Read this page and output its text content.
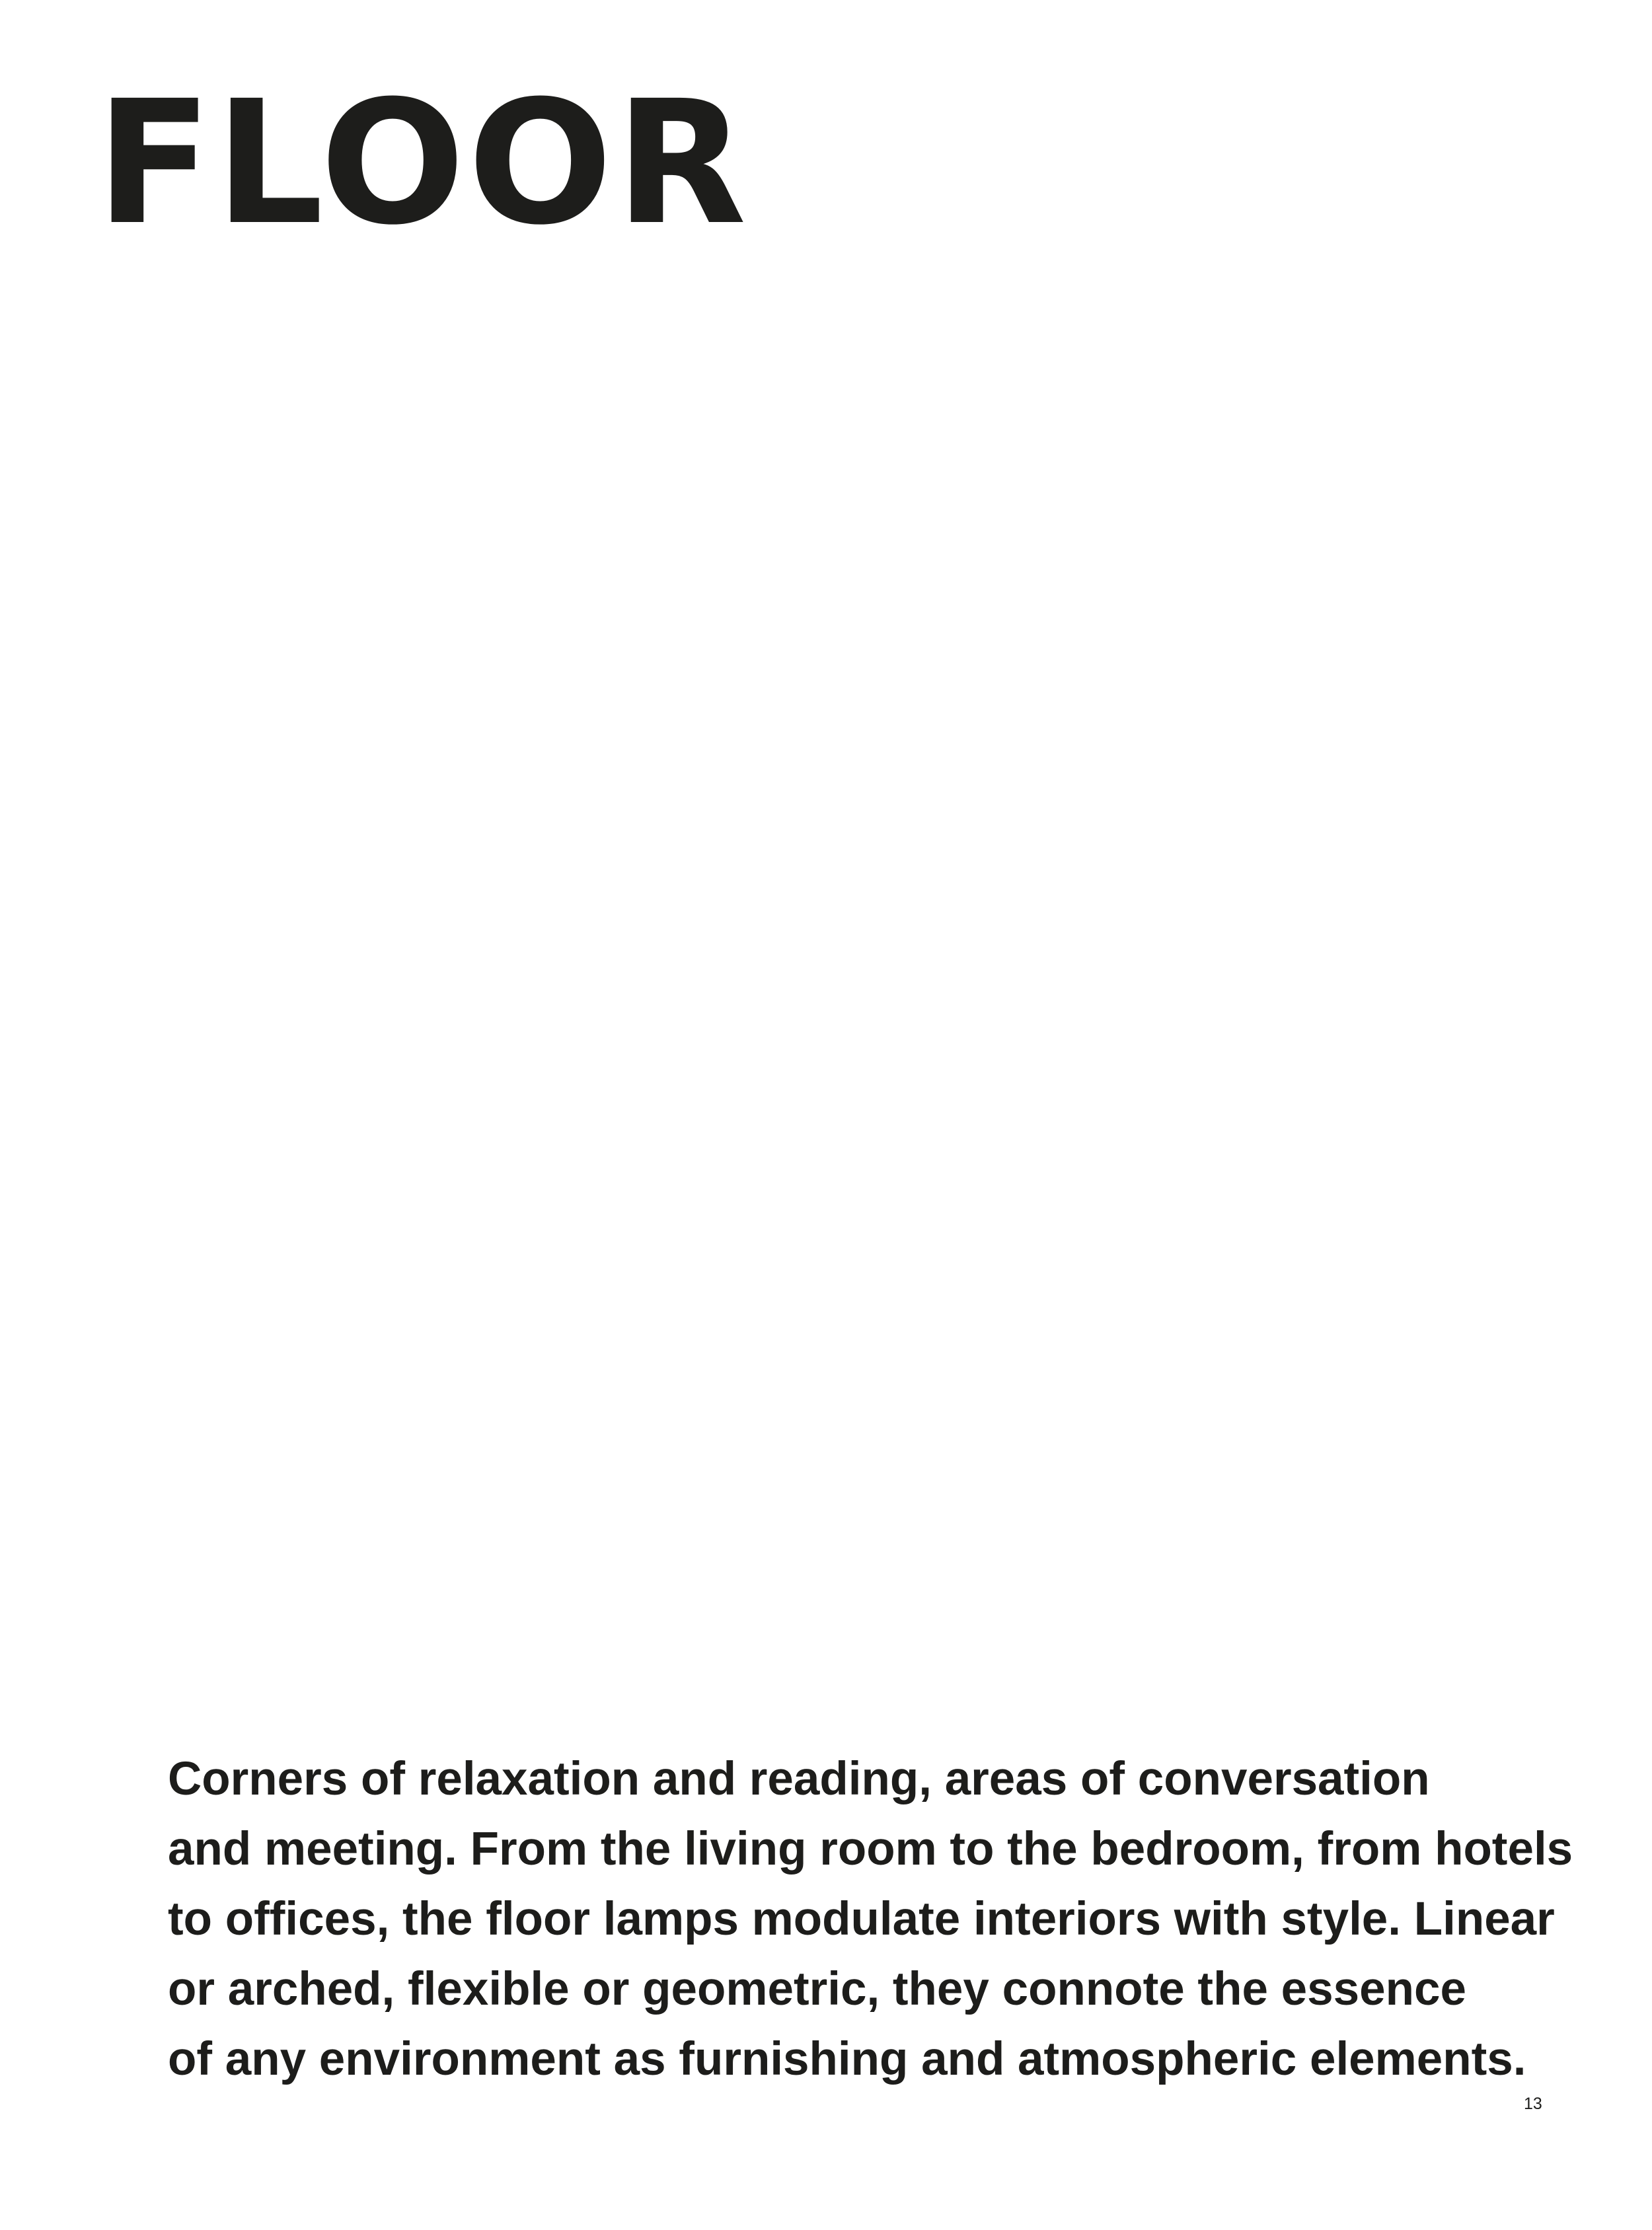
FLOOR

Corners of relaxation and reading, areas of conversation
and meeting. From the living room to the bedroom, from hotels
to offices, the floor lamps modulate interiors with style. Linear
or arched, flexible or geometric, they connote the essence
of any environment as furnishing and atmospheric elements.

13
